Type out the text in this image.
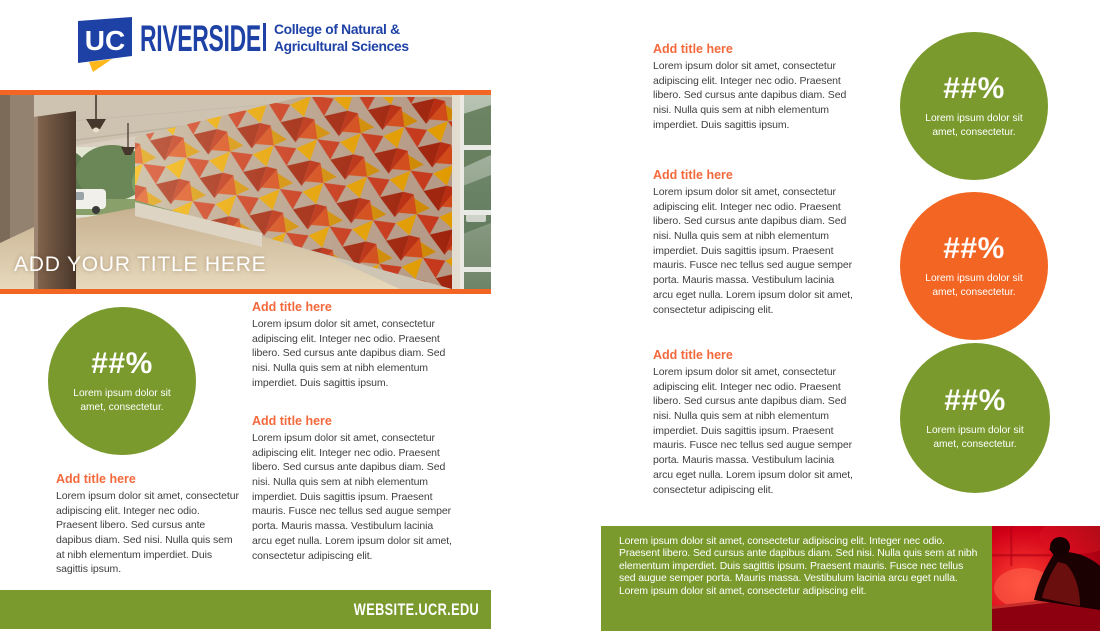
UC RIVERSIDE College of Natural &
Agricultural Sciences
ADD YOUR TITLE HERE
##%
Lorem ipsum dolor sit amet, consectetur.
Add title here

Lorem ipsum dolor sit amet, consectetur adipiscing elit. Integer nec odio. Praesent libero. Sed cursus ante dapibus diam. Sed nisi. Nulla quis sem at nibh elementum imperdiet. Duis sagittis ipsum.

Add title here

Lorem ipsum dolor sit amet, consectetur adipiscing elit. Integer nec odio. Praesent libero. Sed cursus ante dapibus diam. Sed nisi. Nulla quis sem at nibh elementum imperdiet. Duis sagittis ipsum.

Add title here

Lorem ipsum dolor sit amet, consectetur adipiscing elit. Integer nec odio. Praesent libero. Sed cursus ante dapibus diam. Sed nisi. Nulla quis sem at nibh elementum imperdiet. Duis sagittis ipsum. Praesent mauris. Fusce nec tellus sed augue semper porta. Mauris massa. Vestibulum lacinia arcu eget nulla. Lorem ipsum dolor sit amet, consectetur adipiscing elit.

WEBSITE.UCR.EDU
Add title here

Lorem ipsum dolor sit amet, consectetur adipiscing elit. Integer nec odio. Praesent libero. Sed cursus ante dapibus diam. Sed nisi. Nulla quis sem at nibh elementum imperdiet. Duis sagittis ipsum.

Add title here

Lorem ipsum dolor sit amet, consectetur adipiscing elit. Integer nec odio. Praesent libero. Sed cursus ante dapibus diam. Sed nisi. Nulla quis sem at nibh elementum imperdiet. Duis sagittis ipsum. Praesent mauris. Fusce nec tellus sed augue semper porta. Mauris massa. Vestibulum lacinia arcu eget nulla. Lorem ipsum dolor sit amet, consectetur adipiscing elit.

Add title here

Lorem ipsum dolor sit amet, consectetur adipiscing elit. Integer nec odio. Praesent libero. Sed cursus ante dapibus diam. Sed nisi. Nulla quis sem at nibh elementum imperdiet. Duis sagittis ipsum. Praesent mauris. Fusce nec tellus sed augue semper porta. Mauris massa. Vestibulum lacinia arcu eget nulla. Lorem ipsum dolor sit amet, consectetur adipiscing elit.

##%
Lorem ipsum dolor sit amet, consectetur.
##%
Lorem ipsum dolor sit amet, consectetur.
##%
Lorem ipsum dolor sit amet, consectetur.
Lorem ipsum dolor sit amet, consectetur adipiscing elit. Integer nec odio. Praesent libero. Sed cursus ante dapibus diam. Sed nisi. Nulla quis sem at nibh elementum imperdiet. Duis sagittis ipsum. Praesent mauris. Fusce nec tellus sed augue semper porta. Mauris massa. Vestibulum lacinia arcu eget nulla. Lorem ipsum dolor sit amet, consectetur adipiscing elit.
